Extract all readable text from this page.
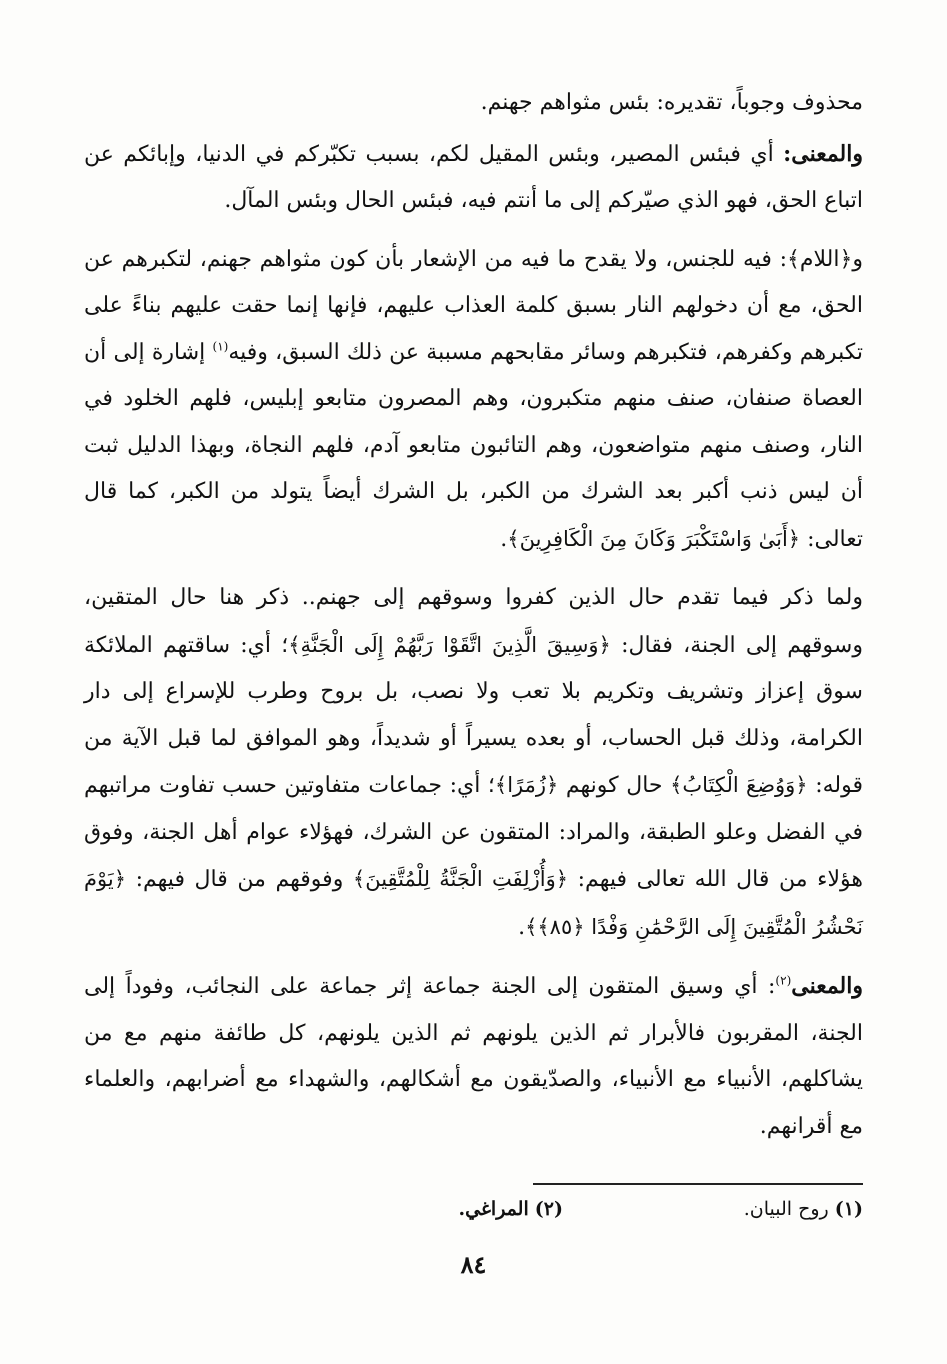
محذوف وجوباً، تقديره: بئس مثواهم جهنم.

والمعنى: أي فبئس المصير، وبئس المقيل لكم، بسبب تكبّركم في الدنيا، وإبائكم عن اتباع الحق، فهو الذي صيّركم إلى ما أنتم فيه، فبئس الحال وبئس المآل.

و﴿اللام﴾: فيه للجنس، ولا يقدح ما فيه من الإشعار بأن كون مثواهم جهنم، لتكبرهم عن الحق، مع أن دخولهم النار بسبق كلمة العذاب عليهم، فإنها إنما حقت عليهم بناءً على تكبرهم وكفرهم، فتكبرهم وسائر مقابحهم مسببة عن ذلك السبق، وفيه$^{(١)}$ إشارة إلى أن العصاة صنفان، صنف منهم متكبرون، وهم المصرون متابعو إبليس، فلهم الخلود في النار، وصنف منهم متواضعون، وهم التائبون متابعو آدم، فلهم النجاة، وبهذا الدليل ثبت أن ليس ذنب أكبر بعد الشرك من الكبر، بل الشرك أيضاً يتولد من الكبر، كما قال تعالى: ﴿أَبَىٰ وَاسْتَكْبَرَ وَكَانَ مِنَ الْكَافِرِينَ﴾.

ولما ذكر فيما تقدم حال الذين كفروا وسوقهم إلى جهنم.. ذكر هنا حال المتقين، وسوقهم إلى الجنة، فقال: ﴿وَسِيقَ الَّذِينَ اتَّقَوْا رَبَّهُمْ إِلَى الْجَنَّةِ﴾؛ أي: ساقتهم الملائكة سوق إعزاز وتشريف وتكريم بلا تعب ولا نصب، بل بروح وطرب للإسراع إلى دار الكرامة، وذلك قبل الحساب، أو بعده يسيراً أو شديداً، وهو الموافق لما قبل الآية من قوله: ﴿وَوُضِعَ الْكِتَابُ﴾ حال كونهم ﴿زُمَرًا﴾؛ أي: جماعات متفاوتين حسب تفاوت مراتبهم في الفضل وعلو الطبقة، والمراد: المتقون عن الشرك، فهؤلاء عوام أهل الجنة، وفوق هؤلاء من قال الله تعالى فيهم: ﴿وَأُزْلِفَتِ الْجَنَّةُ لِلْمُتَّقِينَ﴾ وفوقهم من قال فيهم: ﴿يَوْمَ نَحْشُرُ الْمُتَّقِينَ إِلَى الرَّحْمَٰنِ وَفْدًا ﴿٨٥﴾﴾.

والمعنى$^{(٢)}$: أي وسيق المتقون إلى الجنة جماعة إثر جماعة على النجائب، وفوداً إلى الجنة، المقربون فالأبرار ثم الذين يلونهم ثم الذين يلونهم، كل طائفة منهم مع من يشاكلهم، الأنبياء مع الأنبياء، والصدّيقون مع أشكالهم، والشهداء مع أضرابهم، والعلماء مع أقرانهم.

(١) روح البيان.
(٢) المراغي.
٨٤
